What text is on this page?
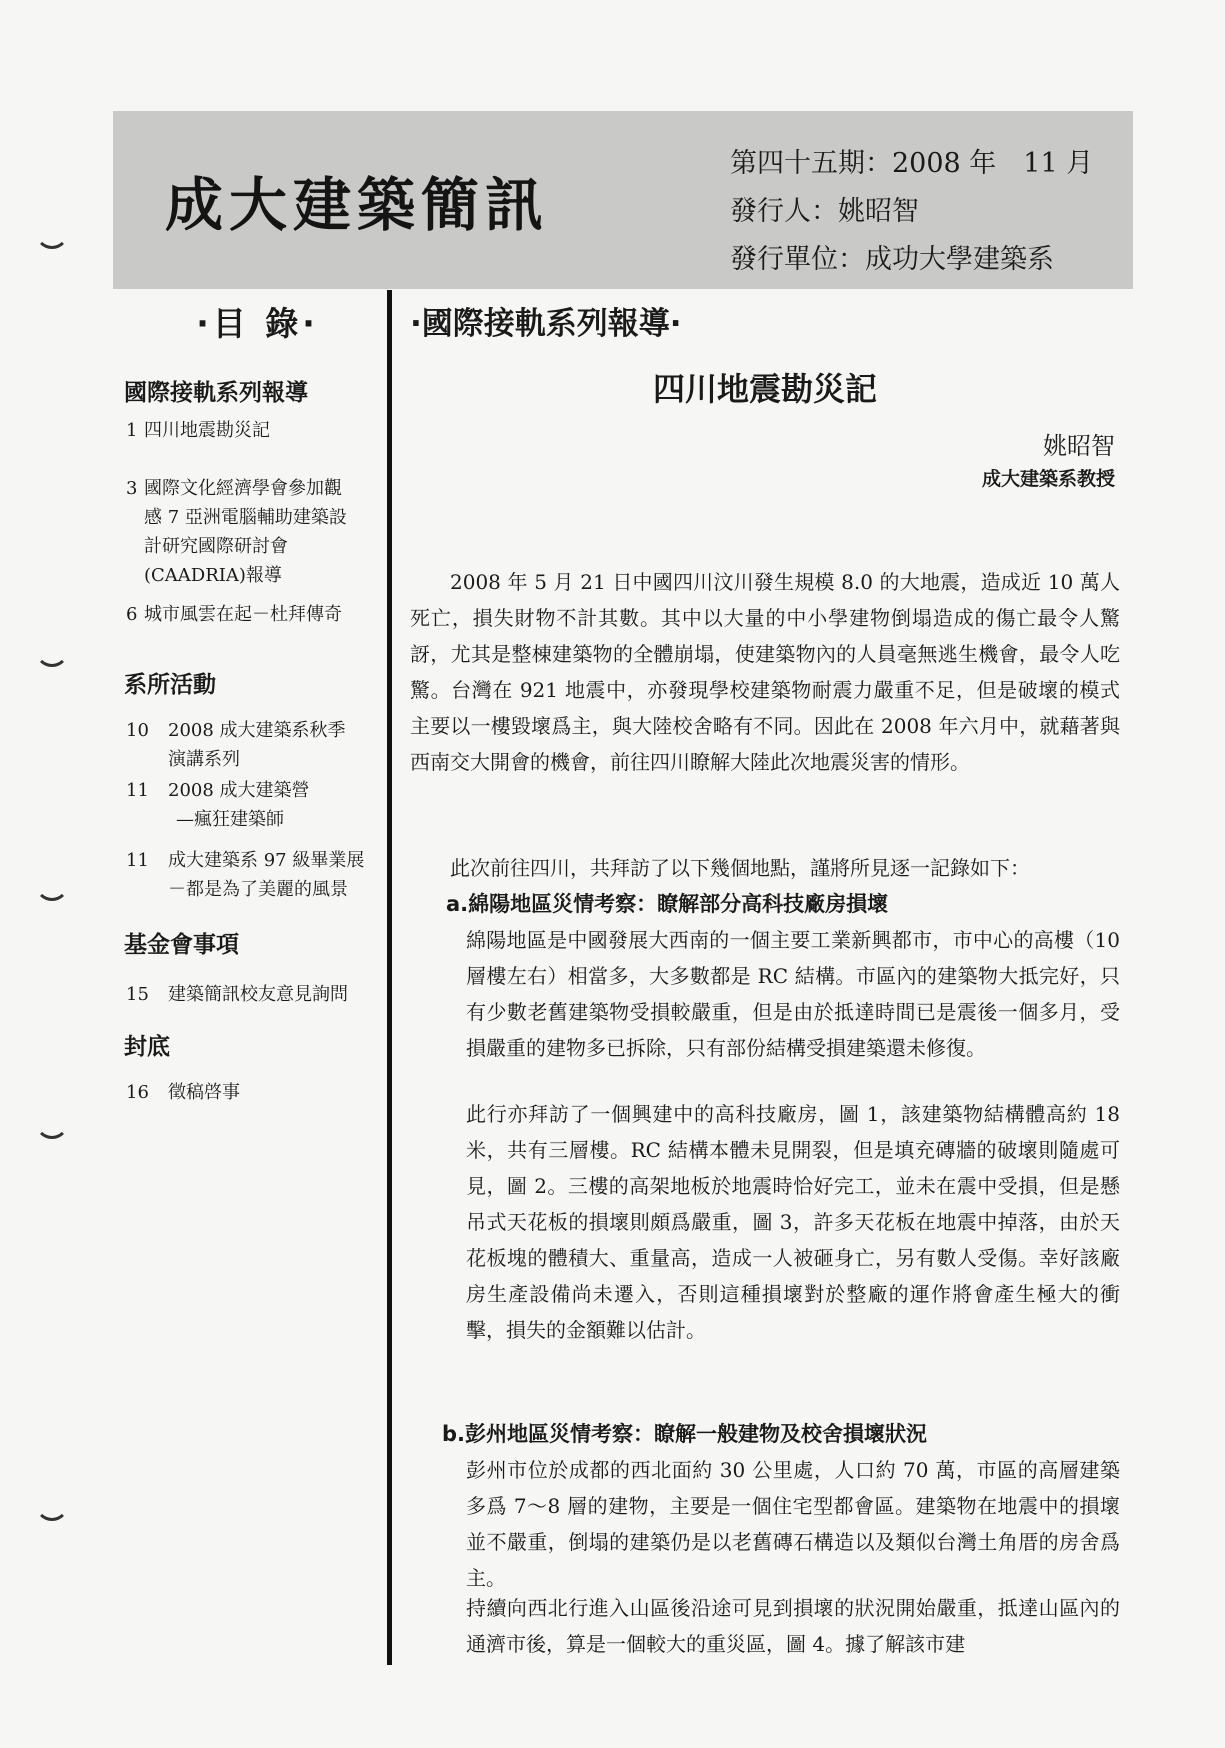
成大建築簡訊
第四十五期：2008 年　11 月
發行人：姚昭智
發行單位：成功大學建築系
·目 錄·
國際接軌系列報導
1 四川地震勘災記
3 國際文化經濟學會參加觀
感 7 亞洲電腦輔助建築設
計研究國際研討會
(CAADRIA)報導
6 城市風雲在起－杜拜傳奇
系所活動
10 2008 成大建築系秋季
演講系列
11 2008 成大建築營
—瘋狂建築師
11 成大建築系 97 級畢業展
－都是為了美麗的風景
基金會事項
15 建築簡訊校友意見詢問
封底
16 徵稿啓事
·國際接軌系列報導·
四川地震勘災記
姚昭智
成大建築系教授
2008 年 5 月 21 日中國四川汶川發生規模 8.0 的大地震，造成近 10 萬人死亡，損失財物不計其數。其中以大量的中小學建物倒塌造成的傷亡最令人驚訝，尤其是整棟建築物的全體崩塌，使建築物內的人員毫無逃生機會，最令人吃驚。台灣在 921 地震中，亦發現學校建築物耐震力嚴重不足，但是破壞的模式主要以一樓毀壞爲主，與大陸校舍略有不同。因此在 2008 年六月中，就藉著與西南交大開會的機會，前往四川瞭解大陸此次地震災害的情形。
此次前往四川，共拜訪了以下幾個地點，謹將所見逐一記錄如下：
a.綿陽地區災情考察：瞭解部分高科技廠房損壞
綿陽地區是中國發展大西南的一個主要工業新興都市，市中心的高樓（10 層樓左右）相當多，大多數都是 RC 結構。市區內的建築物大抵完好，只有少數老舊建築物受損較嚴重，但是由於抵達時間已是震後一個多月，受損嚴重的建物多已拆除，只有部份結構受損建築還未修復。
此行亦拜訪了一個興建中的高科技廠房，圖 1，該建築物結構體高約 18 米，共有三層樓。RC 結構本體未見開裂，但是填充磚牆的破壞則隨處可見，圖 2。三樓的高架地板於地震時恰好完工，並未在震中受損，但是懸吊式天花板的損壞則頗爲嚴重，圖 3，許多天花板在地震中掉落，由於天花板塊的體積大、重量高，造成一人被砸身亡，另有數人受傷。幸好該廠房生產設備尚未遷入，否則這種損壞對於整廠的運作將會產生極大的衝擊，損失的金額難以估計。
b.彭州地區災情考察：瞭解一般建物及校舍損壞狀況
彭州市位於成都的西北面約 30 公里處，人口約 70 萬，市區的高層建築多爲 7～8 層的建物，主要是一個住宅型都會區。建築物在地震中的損壞並不嚴重，倒塌的建築仍是以老舊磚石構造以及類似台灣土角厝的房舍爲主。
持續向西北行進入山區後沿途可見到損壞的狀況開始嚴重，抵達山區內的通濟市後，算是一個較大的重災區，圖 4。據了解該市建
